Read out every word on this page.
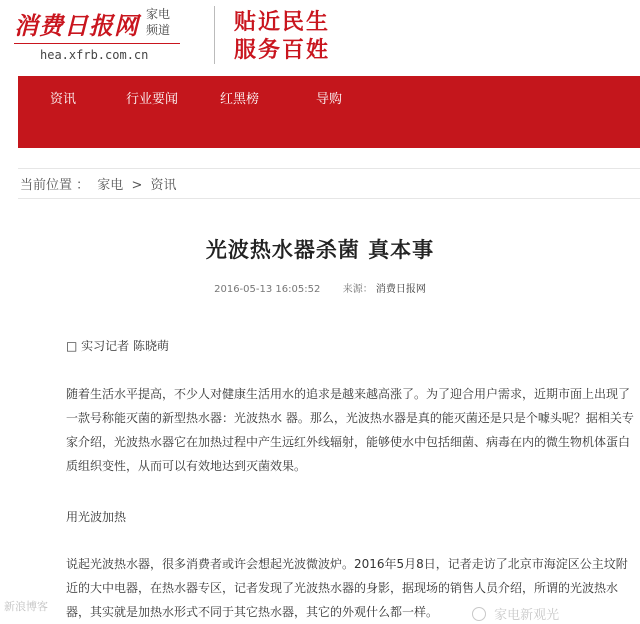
消费日报网 家电频道
hea.xfrb.com.cn
贴近民生
服务百姓
资讯	行业要闻	红黑榜	导购
当前位置 ： 家电 > 资讯
光波热水器杀菌 真本事
2016-05-13 16:05:52 来源： 消费日报网
□ 实习记者 陈晓萌

随着生活水平提高，不少人对健康生活用水的追求是越来越高涨了。为了迎合用户需求，近期市面上出现了一款号称能灭菌的新型热水器：光波热水 器。那么，光波热水器是真的能灭菌还是只是个噱头呢？据相关专家介绍，光波热水器它在加热过程中产生远红外线辐射，能够使水中包括细菌、病毒在内的微生物机体蛋白质组织变性，从而可以有效地达到灭菌效果。

用光波加热

说起光波热水器，很多消费者或许会想起光波微波炉。2016年5月8日，记者走访了北京市海淀区公主坟附近的大中电器，在热水器专区，记者发现了光波热水器的身影，据现场的销售人员介绍，所谓的光波热水器，其实就是加热水形式不同于其它热水器，其它的外观什么都一样。

新浪博客
家电新观光
